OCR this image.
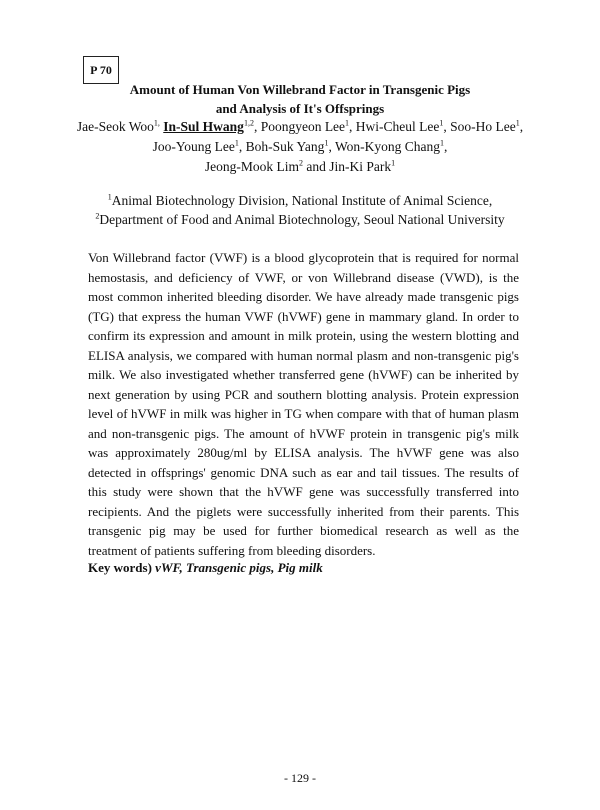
P 70
Amount of Human Von Willebrand Factor in Transgenic Pigs
and Analysis of It's Offsprings
Jae-Seok Woo$^{1,}$ In-Sul Hwang$^{1,2}$, Poongyeon Lee$^1$, Hwi-Cheul Lee$^1$, Soo-Ho Lee$^1$,
Joo-Young Lee$^1$, Boh-Suk Yang$^1$, Won-Kyong Chang$^1$,
Jeong-Mook Lim$^2$ and Jin-Ki Park$^1$
$^1$Animal Biotechnology Division, National Institute of Animal Science,
$^2$Department of Food and Animal Biotechnology, Seoul National University

Von Willebrand factor (VWF) is a blood glycoprotein that is required for normal hemostasis, and deficiency of VWF, or von Willebrand disease (VWD), is the most common inherited bleeding disorder. We have already made transgenic pigs (TG) that express the human VWF (hVWF) gene in mammary gland. In order to confirm its expression and amount in milk protein, using the western blotting and ELISA analysis, we compared with human normal plasm and non-transgenic pig's milk. We also investigated whether transferred gene (hVWF) can be inherited by next generation by using PCR and southern blotting analysis. Protein expression level of hVWF in milk was higher in TG when compare with that of human plasm and non-transgenic pigs. The amount of hVWF protein in transgenic pig's milk was approximately 280ug/ml by ELISA analysis. The hVWF gene was also detected in offsprings' genomic DNA such as ear and tail tissues. The results of this study were shown that the hVWF gene was successfully transferred into recipients. And the piglets were successfully inherited from their parents. This transgenic pig may be used for further biomedical research as well as the treatment of patients suffering from bleeding disorders.

Key words) vWF, Transgenic pigs, Pig milk

- 129 -
